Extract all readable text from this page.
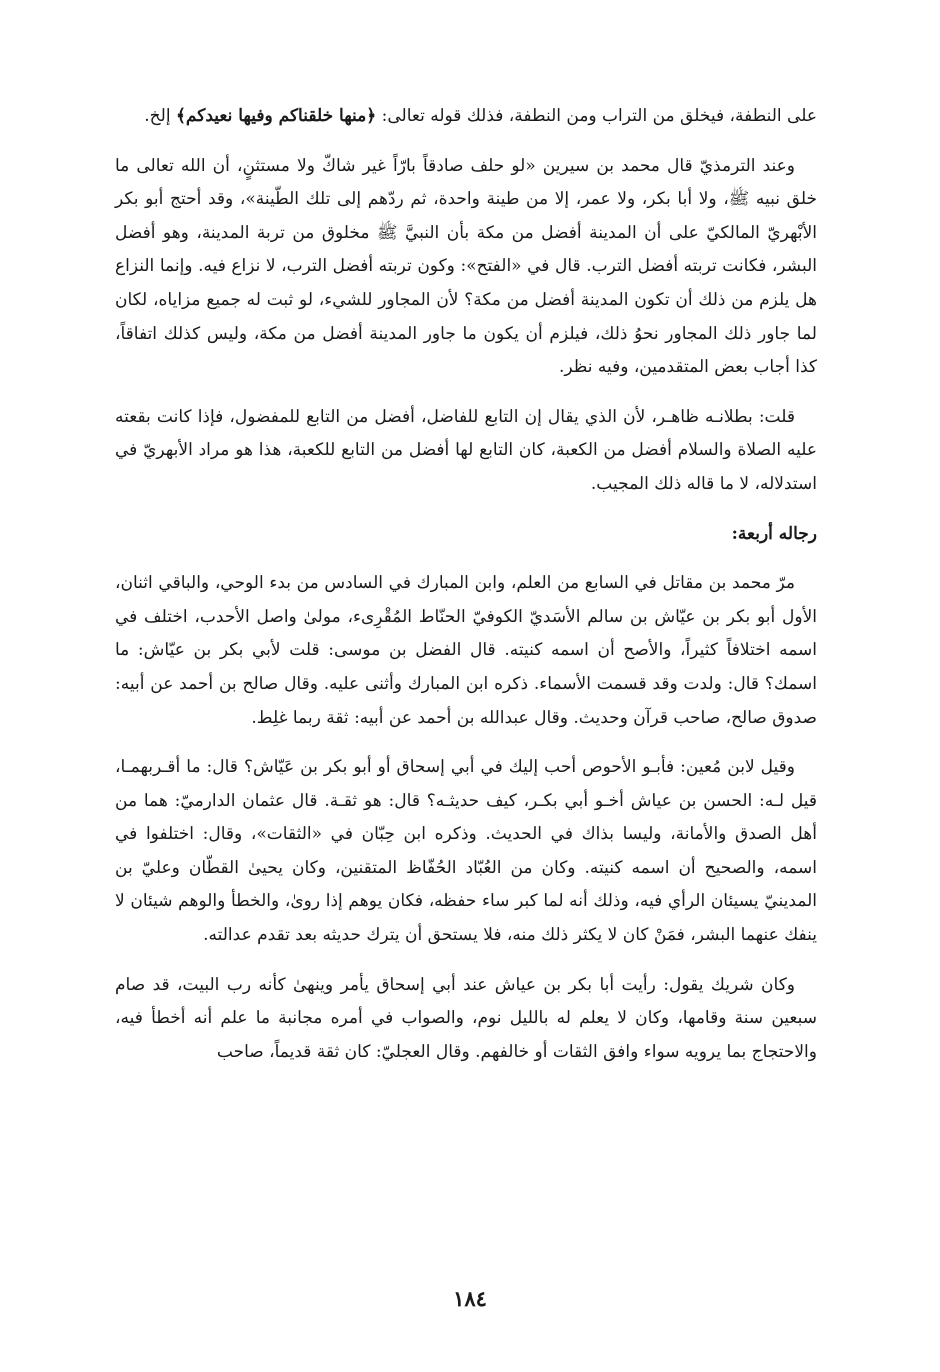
على النطفة، فيخلق من التراب ومن النطفة، فذلك قوله تعالى: ﴿منها خلقناكم وفيها نعيدكم﴾ إلخ.

وعند الترمذيّ قال محمد بن سيرين «لو حلف صادقاً بارّاً غير شاكّ ولا مستثنٍ، أن الله تعالى ما خلق نبيه ﷺ، ولا أبا بكر، ولا عمر، إلا من طينة واحدة، ثم ردّهم إلى تلك الطّينة»، وقد أحتج أبو بكر الأبْهريّ المالكيّ على أن المدينة أفضل من مكة بأن النبيَّ ﷺ مخلوق من تربة المدينة، وهو أفضل البشر، فكانت تربته أفضل الترب. قال في «الفتح»: وكون تربته أفضل الترب، لا نزاع فيه. وإنما النزاع هل يلزم من ذلك أن تكون المدينة أفضل من مكة؟ لأن المجاور للشيء، لو ثبت له جميع مزاياه، لكان لما جاور ذلك المجاور نحوُ ذلك، فيلزم أن يكون ما جاور المدينة أفضل من مكة، وليس كذلك اتفاقاً، كذا أجاب بعض المتقدمين، وفيه نظر.

قلت: بطلانـه ظاهـر، لأن الذي يقال إن التابع للفاضل، أفضل من التابع للمفضول، فإذا كانت بقعته عليه الصلاة والسلام أفضل من الكعبة، كان التابع لها أفضل من التابع للكعبة، هذا هو مراد الأبهريّ في استدلاله، لا ما قاله ذلك المجيب.

رجاله أربعة:

مرّ محمد بن مقاتل في السابع من العلم، وابن المبارك في السادس من بدء الوحي، والباقي اثنان، الأول أبو بكر بن عيّاش بن سالم الأسَديّ الكوفيّ الحنّاط المُقْرِىء، مولىٰ واصل الأحدب، اختلف في اسمه اختلافاً كثيراً، والأصح أن اسمه كنيته. قال الفضل بن موسى: قلت لأبي بكر بن عيّاش: ما اسمك؟ قال: ولدت وقد قسمت الأسماء. ذكره ابن المبارك وأثنى عليه. وقال صالح بن أحمد عن أبيه: صدوق صالح، صاحب قرآن وحديث. وقال عبدالله بن أحمد عن أبيه: ثقة ربما غلِط.

وقيل لابن مُعين: فأبـو الأحوص أحب إليك في أبي إسحاق أو أبو بكر بن عَيّاش؟ قال: ما أقـربهمـا، قيل لـه: الحسن بن عياش أخـو أبي بكـر، كيف حديثـه؟ قال: هو ثقـة. قال عثمان الدارميّ: هما من أهل الصدق والأمانة، وليسا بذاك في الحديث. وذكره ابن حِبّان في «الثقات»، وقال: اختلفوا في اسمه، والصحيح أن اسمه كنيته. وكان من العُبّاد الحُفّاظ المتقنين، وكان يحيىٰ القطّان وعليّ بن المدينيّ يسيئان الرأي فيه، وذلك أنه لما كبر ساء حفظه، فكان يوهم إذا روىٰ، والخطأ والوهم شيئان لا ينفك عنهما البشر، فمَنْ كان لا يكثر ذلك منه، فلا يستحق أن يترك حديثه بعد تقدم عدالته.

وكان شريك يقول: رأيت أبا بكر بن عياش عند أبي إسحاق يأمر وينهىٰ كأنه رب البيت، قد صام سبعين سنة وقامها، وكان لا يعلم له بالليل نوم، والصواب في أمره مجانبة ما علم أنه أخطأ فيه، والاحتجاج بما يرويه سواء وافق الثقات أو خالفهم. وقال العجليّ: كان ثقة قديماً، صاحب

١٨٤
